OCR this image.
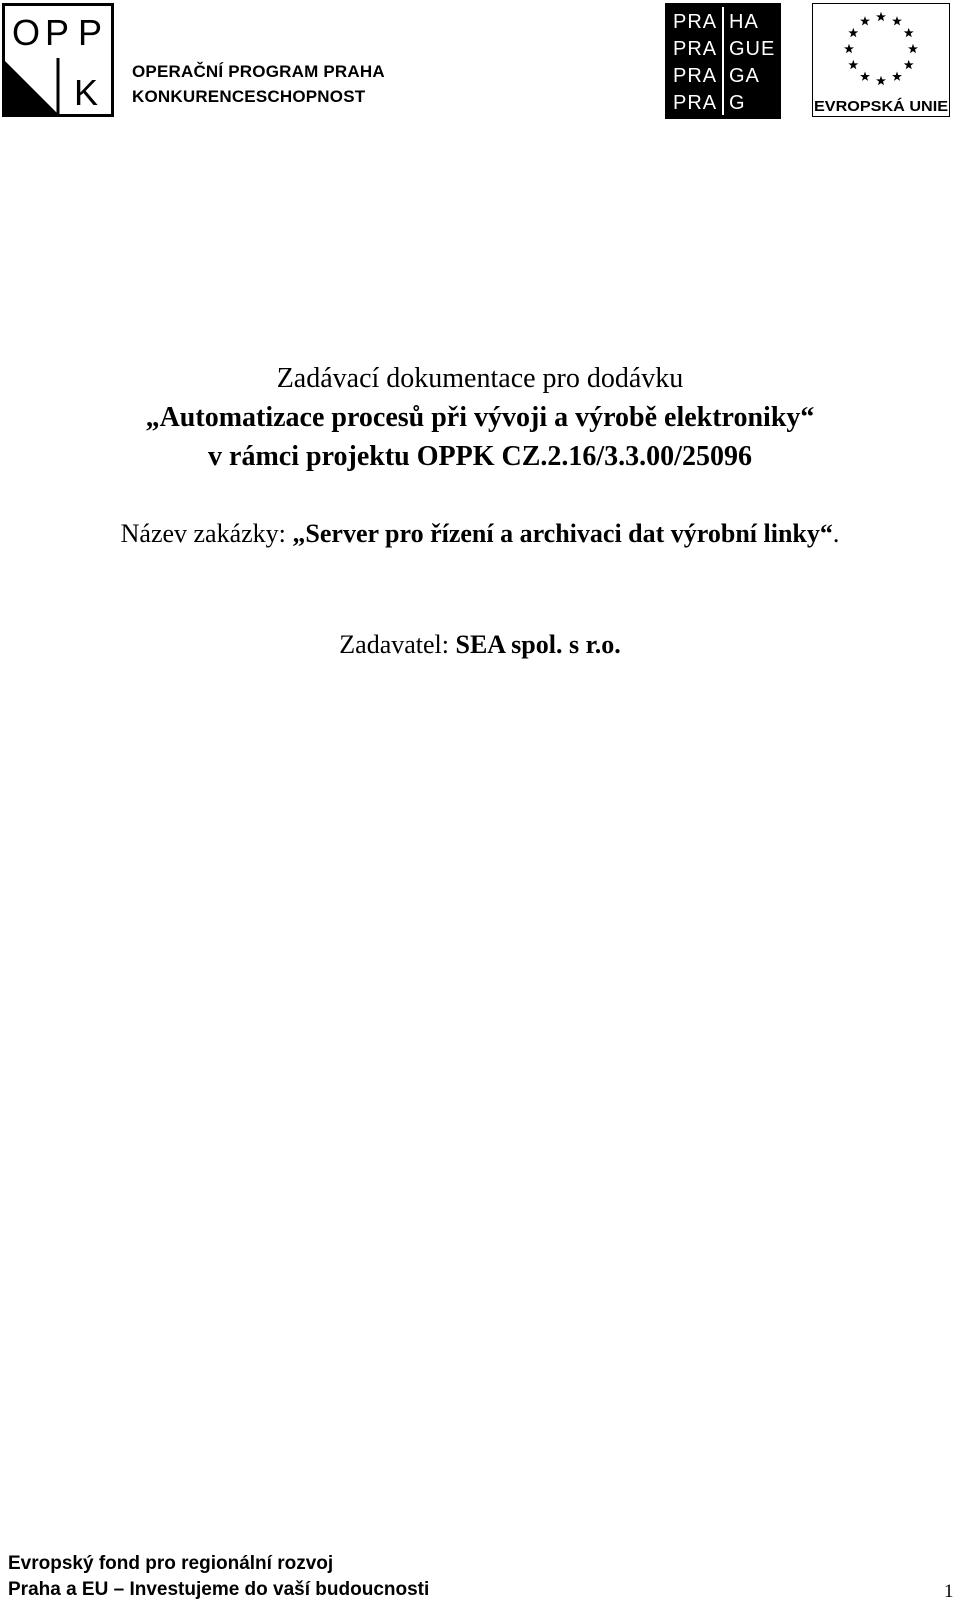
O P P
K
OPERAČNÍ PROGRAM PRAHA
KONKURENCESCHOPNOST
PRA HA
PRA GUE
PRA GA
PRA G	EVROPSKÁ UNIE
Zadávací dokumentace pro dodávku
„Automatizace procesů při vývoji a výrobě elektroniky“
v rámci projektu OPPK CZ.2.16/3.3.00/25096
Název zakázky: „Server pro řízení a archivaci dat výrobní linky“.
Zadavatel: SEA spol. s r.o.
Evropský fond pro regionální rozvoj
Praha a EU – Investujeme do vaší budoucnosti	1
